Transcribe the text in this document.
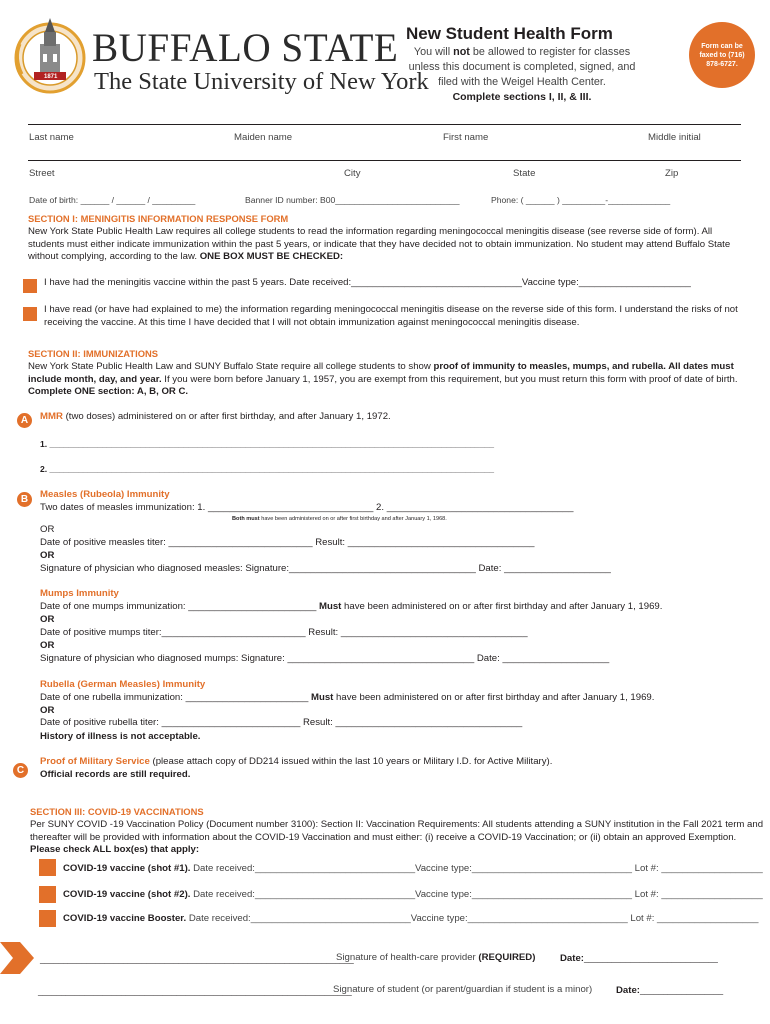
1871
BUFFALO STATE
The State University of New York
New Student Health Form
You will not be allowed to register for classes unless this document is completed, signed, and filed with the Weigel Health Center.
Complete sections I, II, & III.
Form can be faxed to (716) 878-6727.
Last name	Maiden name	First name	Middle initial
Street	City	State	Zip
Date of birth: ______ / ______ / _________	Banner ID number: B00__________________________	Phone: ( ______ ) _________-_____________
SECTION I: MENINGITIS INFORMATION RESPONSE FORM

New York State Public Health Law requires all college students to read the information regarding meningococcal meningitis disease (see reverse side of form). All students must either indicate immunization within the past 5 years, or indicate that they have decided not to obtain immunization. No student may attend Buffalo State without complying, according to the law. ONE BOX MUST BE CHECKED:

I have had the meningitis vaccine within the past 5 years. Date received:________________________________Vaccine type:_____________________
I have read (or have had explained to me) the information regarding meningococcal meningitis disease on the reverse side of this form. I understand the risks of not receiving the vaccine. At this time I have decided that I will not obtain immunization against meningococcal meningitis disease.
SECTION II: IMMUNIZATIONS

New York State Public Health Law and SUNY Buffalo State require all college students to show proof of immunity to measles, mumps, and rubella. All dates must include month, day, and year. If you were born before January 1, 1957, you are exempt from this requirement, but you must return this form with proof of date of birth. Complete ONE section: A, B, OR C.

A	MMR (two doses) administered on or after first birthday, and after January 1, 1972.
1. _____________________________________________________________________________________________
2. _____________________________________________________________________________________________
B	Measles (Rubeola) Immunity
Two dates of measles immunization: 1. _______________________________ 2. ___________________________________
Both must have been administered on or after first birthday and after January 1, 1968.
OR
Date of positive measles titer: ___________________________ Result: ___________________________________
OR
Signature of physician who diagnosed measles: Signature:___________________________________ Date: ____________________
Mumps Immunity
Date of one mumps immunization: ________________________ Must have been administered on or after first birthday and after January 1, 1969.
OR
Date of positive mumps titer:___________________________ Result: ___________________________________
OR
Signature of physician who diagnosed mumps: Signature: ___________________________________ Date: ____________________
Rubella (German Measles) Immunity
Date of one rubella immunization: _______________________ Must have been administered on or after first birthday and after January 1, 1969.
OR
Date of positive rubella titer: __________________________ Result: ___________________________________
History of illness is not acceptable.
C
Proof of Military Service (please attach copy of DD214 issued within the last 10 years or Military I.D. for Active Military).
Official records are still required.
SECTION III: COVID-19 VACCINATIONS

Per SUNY COVID -19 Vaccination Policy (Document number 3100): Section II: Vaccination Requirements: All students attending a SUNY institution in the Fall 2021 term and thereafter will be provided with information about the COVID-19 Vaccination and must either: (i) receive a COVID-19 Vaccination; or (ii) obtain an approved Exemption. Please check ALL box(es) that apply:

COVID-19 vaccine (shot #1). Date received:______________________________Vaccine type:______________________________ Lot #: ___________________
COVID-19 vaccine (shot #2). Date received:______________________________Vaccine type:______________________________ Lot #: ___________________
COVID-19 vaccine Booster. Date received:______________________________Vaccine type:______________________________ Lot #: ___________________
____________________________________________________________________
Signature of health-care provider (REQUIRED)	Date:_____________________________
____________________________________________________________________
Signature of student (or parent/guardian if student is a minor) Date:__________________
